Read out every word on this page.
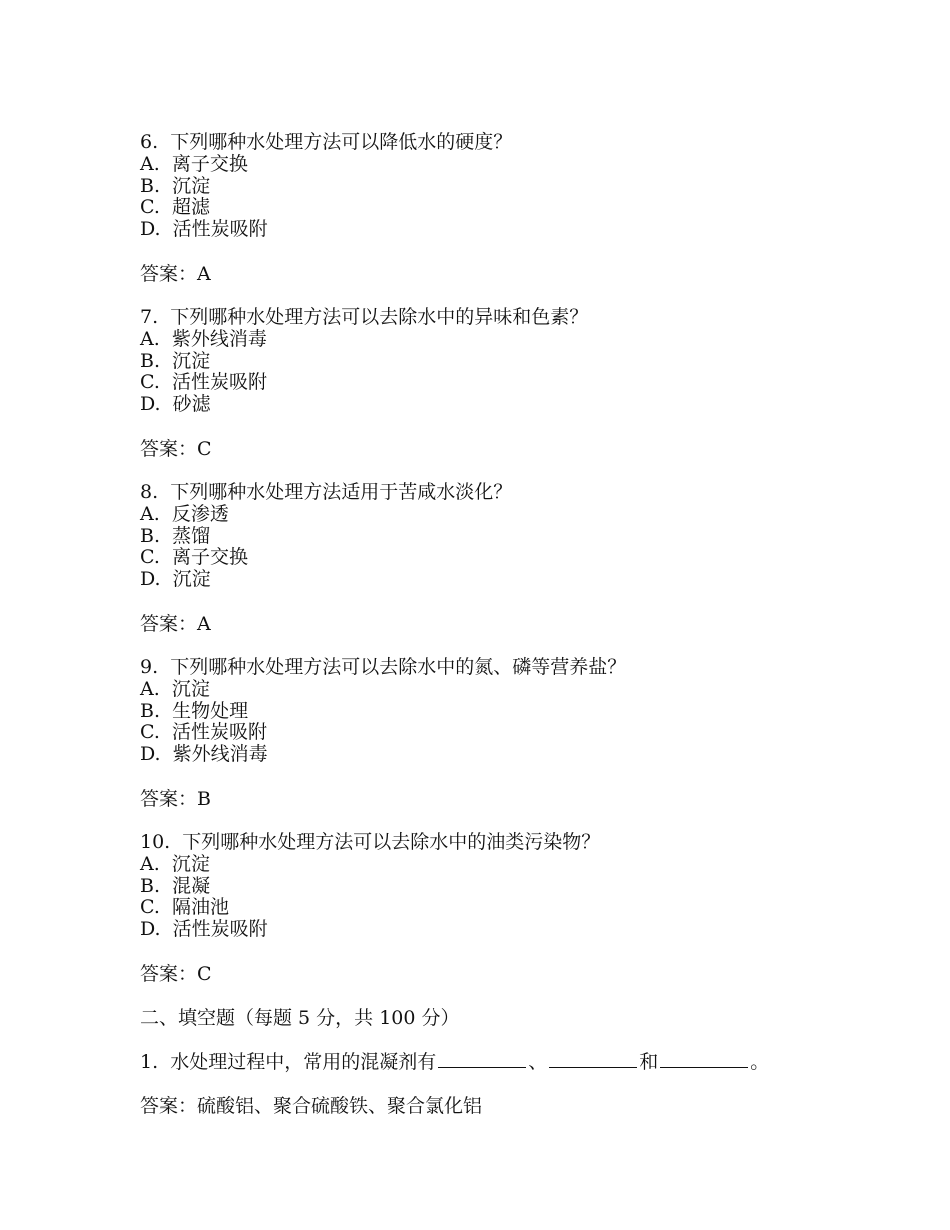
6.  下列哪种水处理方法可以降低水的硬度？
A.  离子交换
B.  沉淀
C.  超滤
D.  活性炭吸附
答案：A
7.  下列哪种水处理方法可以去除水中的异味和色素？
A.  紫外线消毒
B.  沉淀
C.  活性炭吸附
D.  砂滤
答案：C
8.  下列哪种水处理方法适用于苦咸水淡化？
A.  反渗透
B.  蒸馏
C.  离子交换
D.  沉淀
答案：A
9.  下列哪种水处理方法可以去除水中的氮、磷等营养盐？
A.  沉淀
B.  生物处理
C.  活性炭吸附
D.  紫外线消毒
答案：B
10.  下列哪种水处理方法可以去除水中的油类污染物？
A.  沉淀
B.  混凝
C.  隔油池
D.  活性炭吸附
答案：C
二、填空题（每题 5 分，共 100 分）
1.  水处理过程中，常用的混凝剂有	、	和	。
答案：硫酸铝、聚合硫酸铁、聚合氯化铝
